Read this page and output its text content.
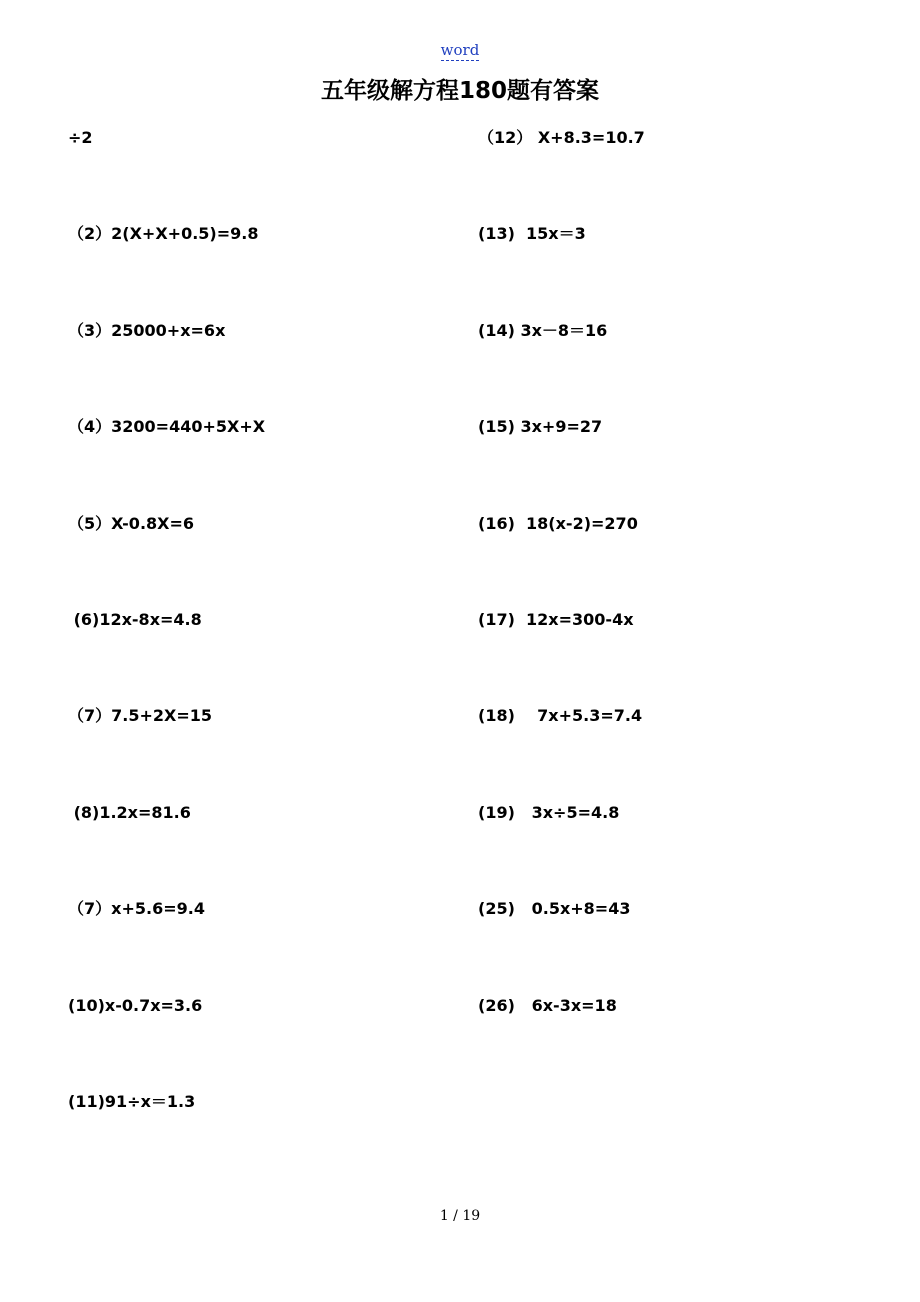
word
五年级解方程180题有答案
÷2
（2）2(X+X+0.5)=9.8
（3）25000+x=6x
（4）3200=440+5X+X
（5）X-0.8X=6
(6)12x-8x=4.8
（7）7.5+2X=15
(8)1.2x=81.6
（7）x+5.6=9.4
(10)x-0.7x=3.6
(11)91÷x＝1.3
（12） X+8.3=10.7
(13)  15x＝3
(14) 3x－8＝16
(15) 3x+9=27
(16)  18(x-2)=270
(17)  12x=300-4x
(18)    7x+5.3=7.4
(19)   3x÷5=4.8
(25)   0.5x+8=43
(26)   6x-3x=18
1 / 19
